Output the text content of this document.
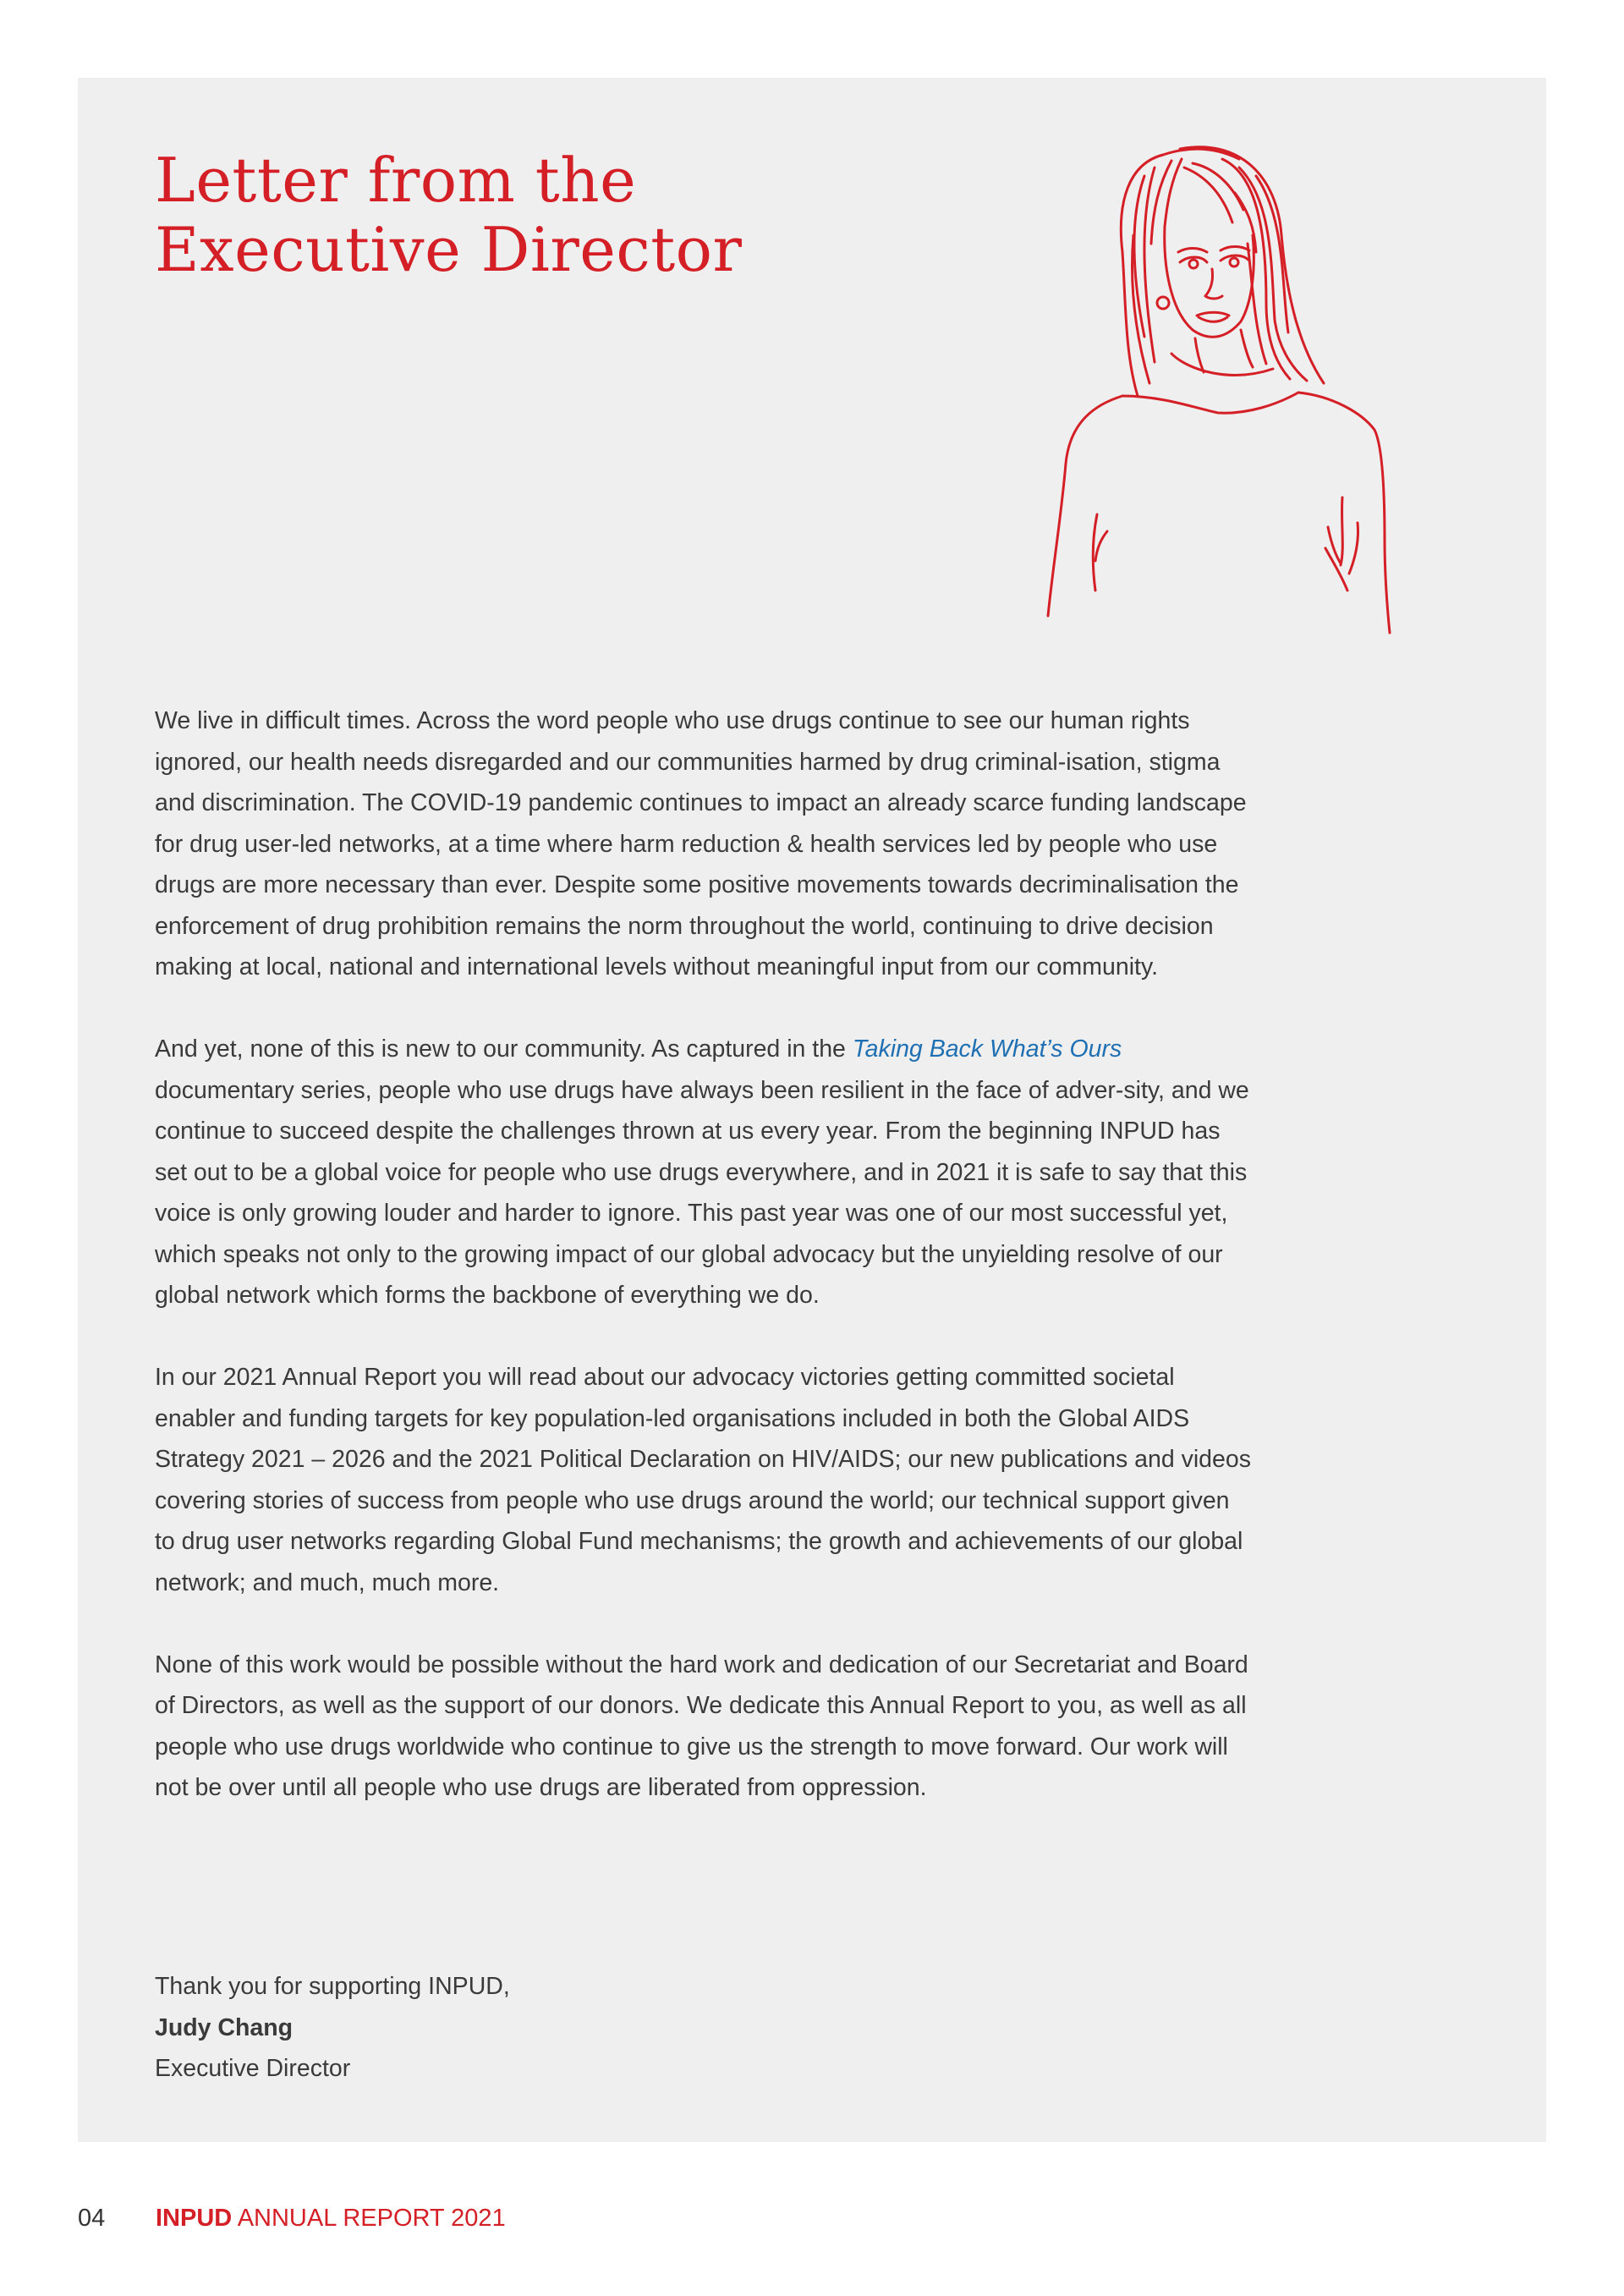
Letter from the
Executive Director

We live in difficult times. Across the word people who use drugs continue to see our human rights ignored, our health needs disregarded and our communities harmed by drug criminal-isation, stigma and discrimination. The COVID-19 pandemic continues to impact an already scarce funding landscape for drug user-led networks, at a time where harm reduction & health services led by people who use drugs are more necessary than ever. Despite some positive movements towards decriminalisation the enforcement of drug prohibition remains the norm throughout the world, continuing to drive decision making at local, national and international levels without meaningful input from our community.

And yet, none of this is new to our community. As captured in the Taking Back What’s Ours documentary series, people who use drugs have always been resilient in the face of adver-sity, and we continue to succeed despite the challenges thrown at us every year. From the beginning INPUD has set out to be a global voice for people who use drugs everywhere, and in 2021 it is safe to say that this voice is only growing louder and harder to ignore. This past year was one of our most successful yet, which speaks not only to the growing impact of our global advocacy but the unyielding resolve of our global network which forms the backbone of everything we do.

In our 2021 Annual Report you will read about our advocacy victories getting committed societal enabler and funding targets for key population-led organisations included in both the Global AIDS Strategy 2021 – 2026 and the 2021 Political Declaration on HIV/AIDS; our new publications and videos covering stories of success from people who use drugs around the world; our technical support given to drug user networks regarding Global Fund mechanisms; the growth and achievements of our global network; and much, much more.

None of this work would be possible without the hard work and dedication of our Secretariat and Board of Directors, as well as the support of our donors. We dedicate this Annual Report to you, as well as all people who use drugs worldwide who continue to give us the strength to move forward. Our work will not be over until all people who use drugs are liberated from oppression.

Thank you for supporting INPUD,
Judy Chang
Executive Director
04 INPUD ANNUAL REPORT 2021
